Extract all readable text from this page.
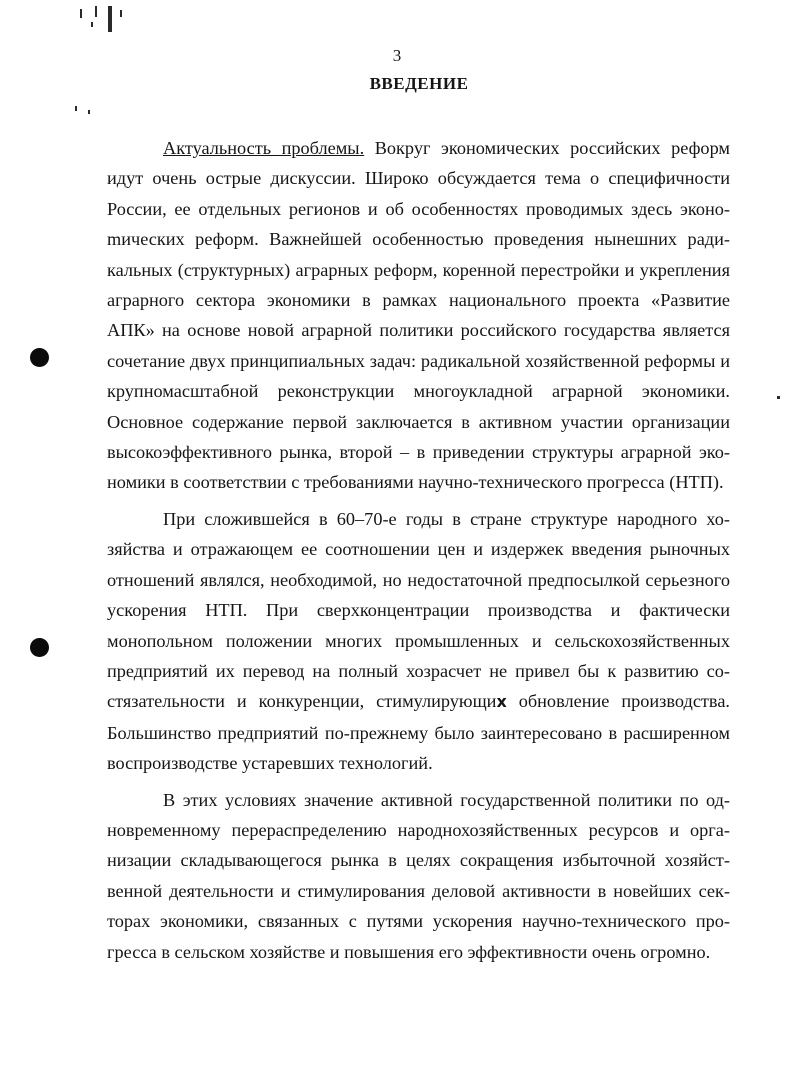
3
ВВЕДЕНИЕ

Актуальность проблемы. Вокруг экономических российских реформ идут очень острые дискуссии. Широко обсуждается тема о специфичности России, ее отдельных регионов и об особенностях проводимых здесь эконоmических реформ. Важнейшей особенностью проведения нынешних радикальных (структурных) аграрных реформ, коренной перестройки и укрепления аграрного сектора экономики в рамках национального проекта «Развитие АПК» на основе новой аграрной политики российского государства является сочетание двух принципиальных задач: радикальной хозяйственной реформы и крупномасштабной реконструкции многоукладной аграрной экономики. Основное содержание первой заключается в активном участии организации высокоэффективного рынка, второй – в приведении структуры аграрной экономики в соответствии с требованиями научно-технического прогресса (НТП).

При сложившейся в 60–70-е годы в стране структуре народного хозяйства и отражающем ее соотношении цен и издержек введения рыночных отношений являлся, необходимой, но недостаточной предпосылкой серьезного ускорения НТП. При сверхконцентрации производства и фактически монопольном положении многих промышленных и сельскохозяйственных предприятий их перевод на полный хозрасчет не привел бы к развитию состязательности и конкуренции, стимулирующих обновление производства. Большинство предприятий по-прежнему было заинтересовано в расширенном воспроизводстве устаревших технологий.

В этих условиях значение активной государственной политики по одновременному перераспределению народнохозяйственных ресурсов и организации складывающегося рынка в целях сокращения избыточной хозяйственной деятельности и стимулирования деловой активности в новейших секторах экономики, связанных с путями ускорения научно-технического прогресса в сельском хозяйстве и повышения его эффективности очень огромно.
